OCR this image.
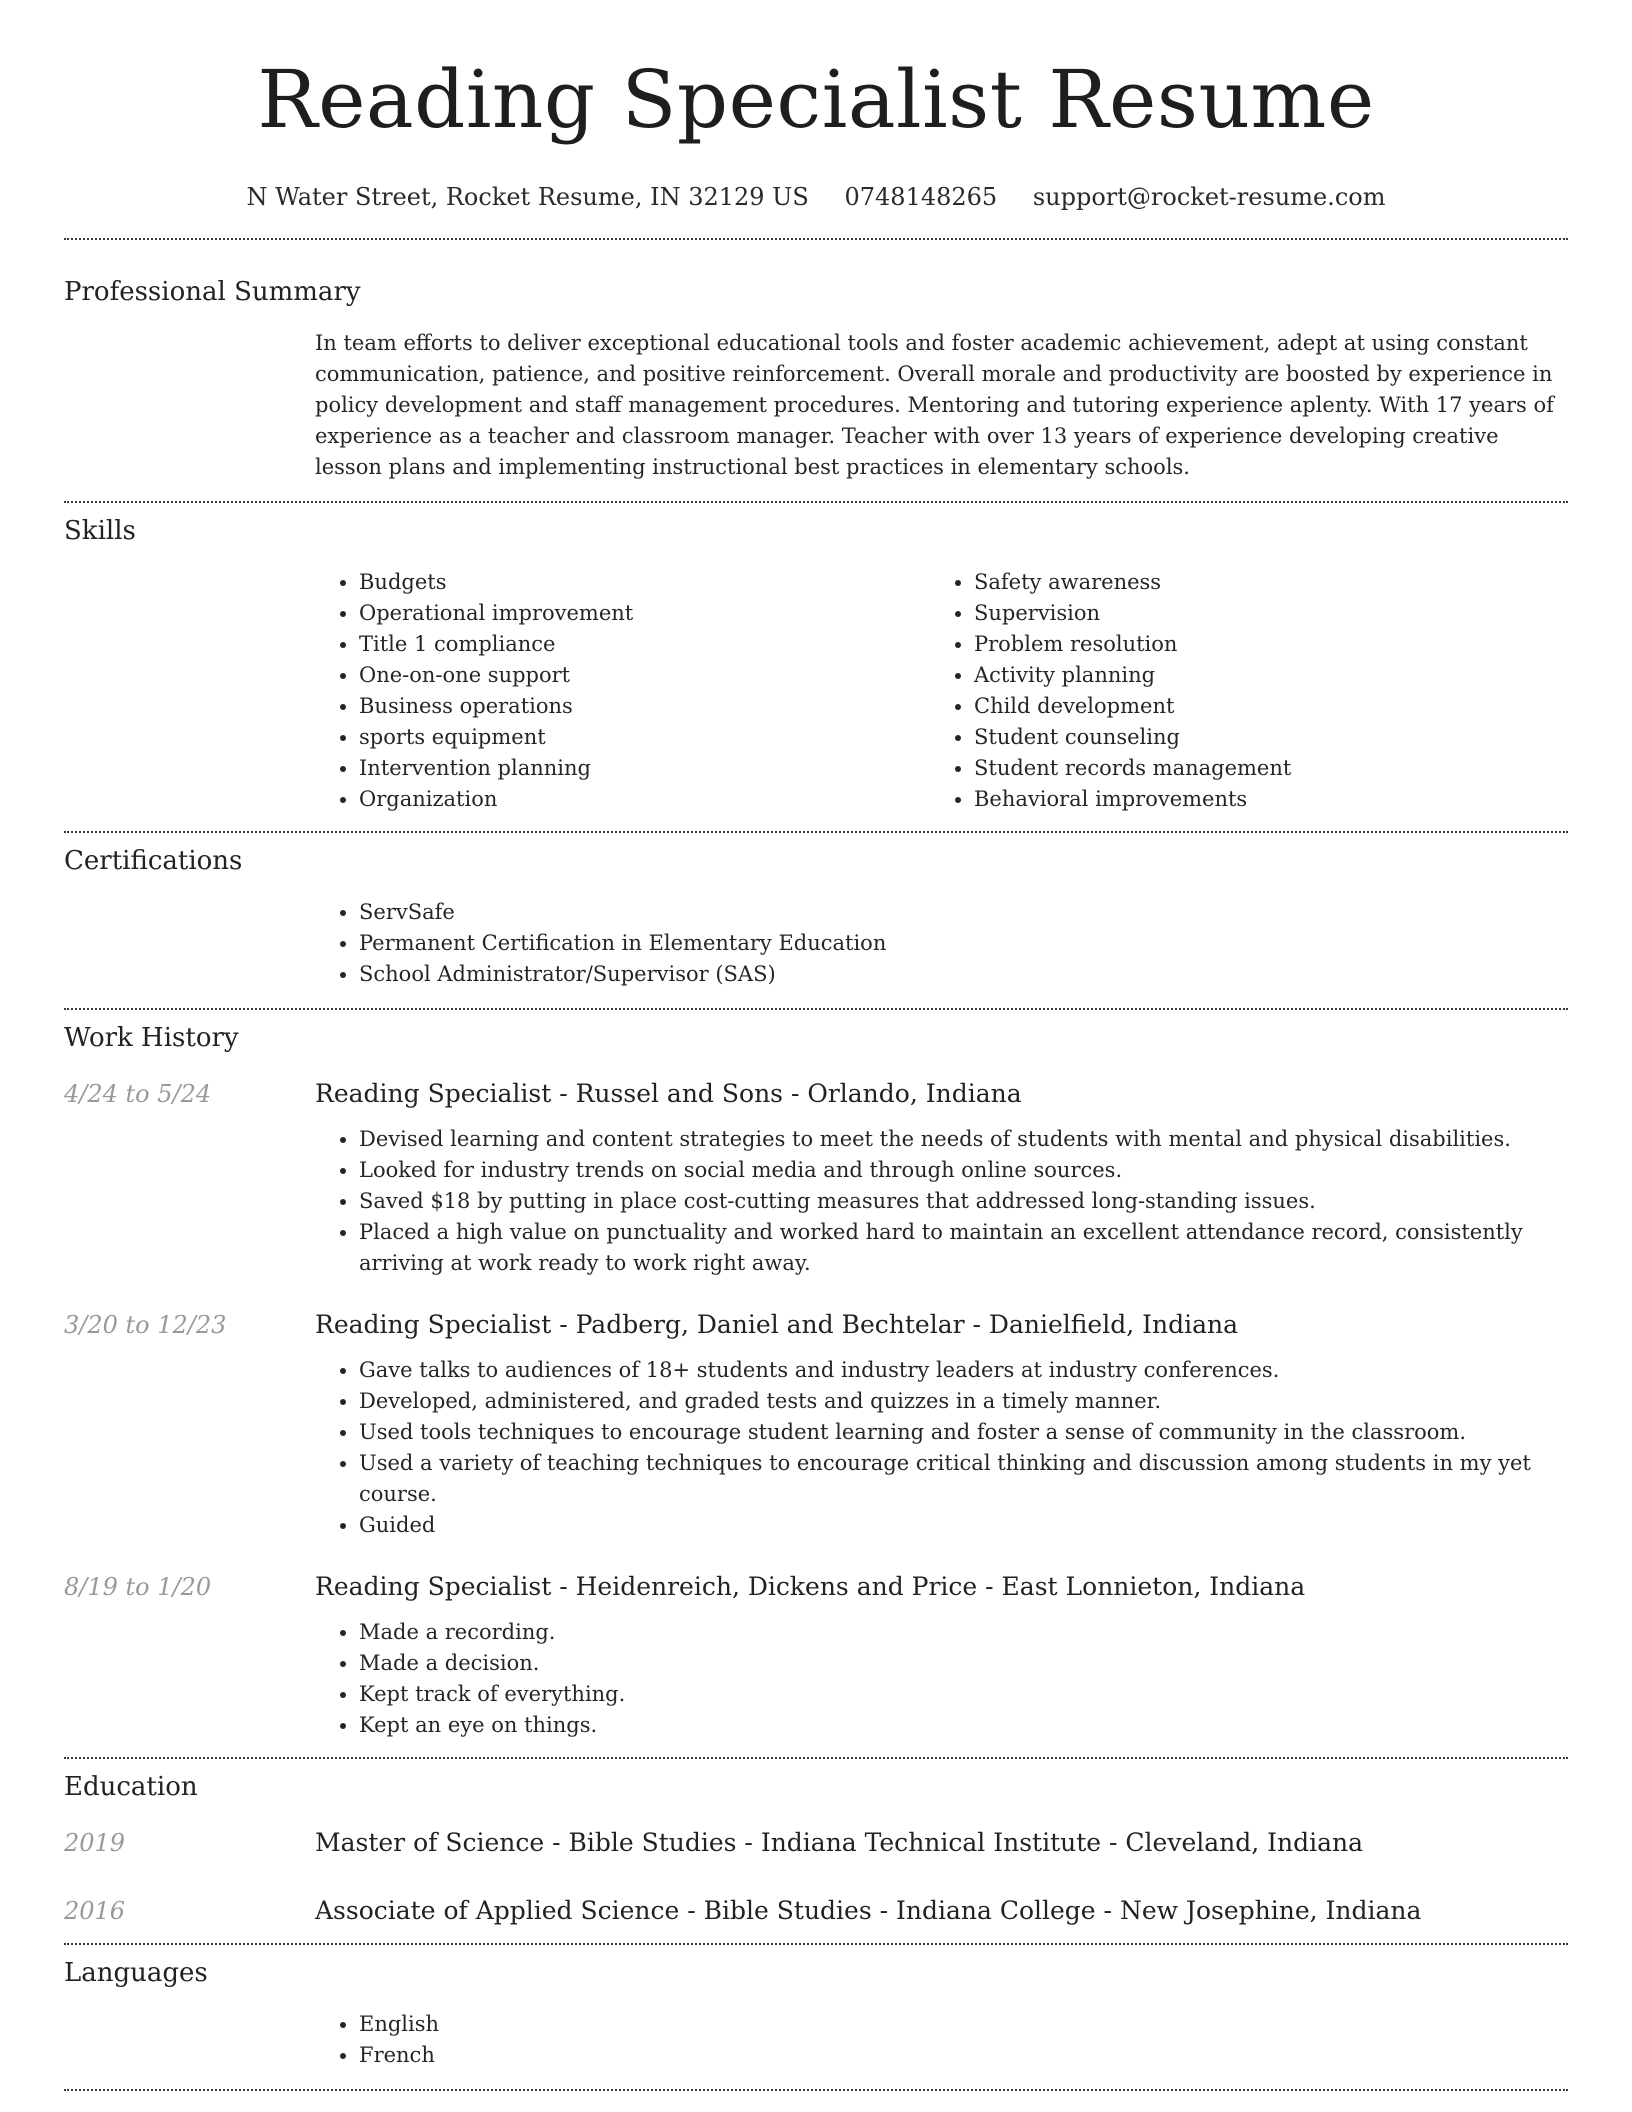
Reading Specialist Resume
N Water Street, Rocket Resume, IN 32129 US 0748148265 support@rocket-resume.com
Professional Summary
In team efforts to deliver exceptional educational tools and foster academic achievement, adept at using constant communication, patience, and positive reinforcement. Overall morale and productivity are boosted by experience in policy development and staff management procedures. Mentoring and tutoring experience aplenty. With 17 years of experience as a teacher and classroom manager. Teacher with over 13 years of experience developing creative lesson plans and implementing instructional best practices in elementary schools.
Skills
• Budgets
• Operational improvement
• Title 1 compliance
• One-on-one support
• Business operations
• sports equipment
• Intervention planning
• Organization
• Safety awareness
• Supervision
• Problem resolution
• Activity planning
• Child development
• Student counseling
• Student records management
• Behavioral improvements
Certifications
• ServSafe
• Permanent Certification in Elementary Education
• School Administrator/Supervisor (SAS)
Work History
4/24 to 5/24	Reading Specialist - Russel and Sons - Orlando, Indiana
• Devised learning and content strategies to meet the needs of students with mental and physical disabilities.
• Looked for industry trends on social media and through online sources.
• Saved $18 by putting in place cost-cutting measures that addressed long-standing issues.
• Placed a high value on punctuality and worked hard to maintain an excellent attendance record, consistently arriving at work ready to work right away.
3/20 to 12/23	Reading Specialist - Padberg, Daniel and Bechtelar - Danielfield, Indiana
• Gave talks to audiences of 18+ students and industry leaders at industry conferences.
• Developed, administered, and graded tests and quizzes in a timely manner.
• Used tools techniques to encourage student learning and foster a sense of community in the classroom.
• Used a variety of teaching techniques to encourage critical thinking and discussion among students in my yet course.
• Guided
8/19 to 1/20	Reading Specialist - Heidenreich, Dickens and Price - East Lonnieton, Indiana
• Made a recording.
• Made a decision.
• Kept track of everything.
• Kept an eye on things.
Education
2019	Master of Science - Bible Studies - Indiana Technical Institute - Cleveland, Indiana
2016	Associate of Applied Science - Bible Studies - Indiana College - New Josephine, Indiana
Languages
• English
• French
